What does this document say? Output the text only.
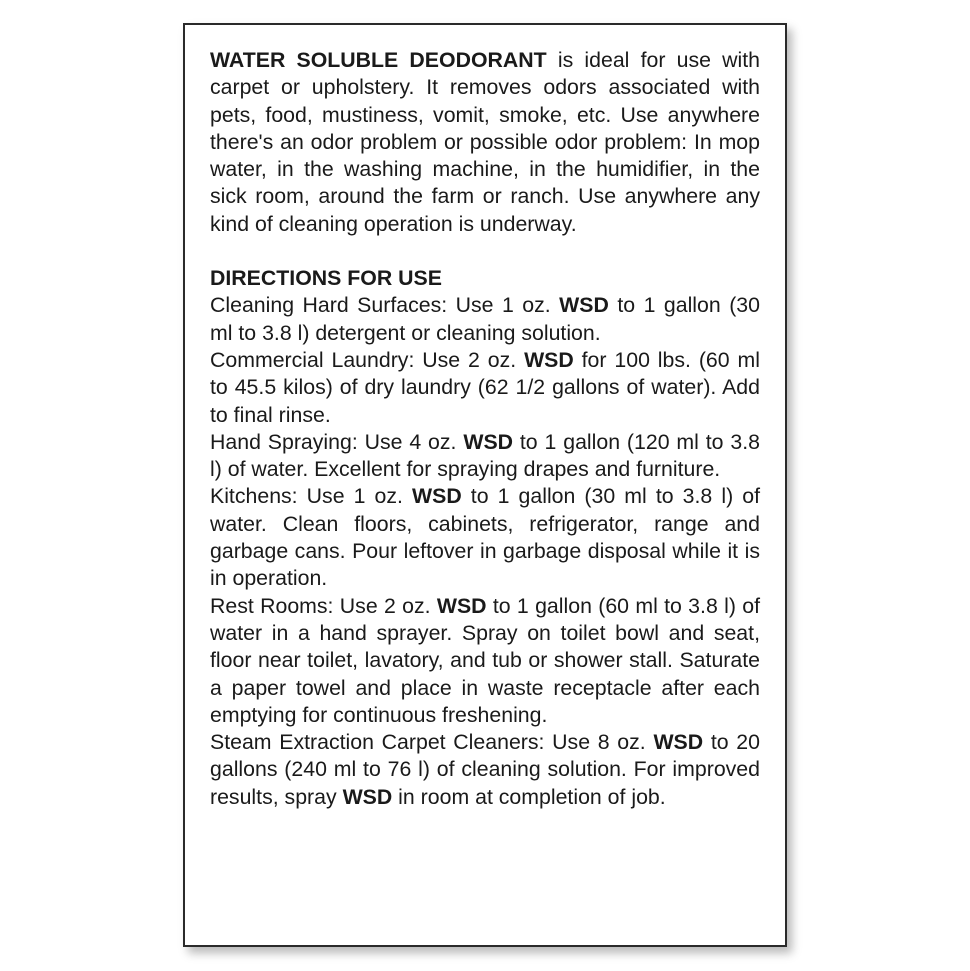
WATER SOLUBLE DEODORANT is ideal for use with carpet or upholstery. It removes odors associated with pets, food, mustiness, vomit, smoke, etc. Use anywhere there's an odor problem or possible odor problem: In mop water, in the washing machine, in the humidifier, in the sick room, around the farm or ranch. Use anywhere any kind of cleaning operation is underway.

DIRECTIONS FOR USE

Cleaning Hard Surfaces: Use 1 oz. WSD to 1 gallon (30 ml to 3.8 l) detergent or cleaning solution.

Commercial Laundry: Use 2 oz. WSD for 100 lbs. (60 ml to 45.5 kilos) of dry laundry (62 1/2 gallons of water). Add to final rinse.

Hand Spraying: Use 4 oz. WSD to 1 gallon (120 ml to 3.8 l) of water. Excellent for spraying drapes and furniture.

Kitchens: Use 1 oz. WSD to 1 gallon (30 ml to 3.8 l) of water. Clean floors, cabinets, refrigerator, range and garbage cans. Pour leftover in garbage disposal while it is in operation.

Rest Rooms: Use 2 oz. WSD to 1 gallon (60 ml to 3.8 l) of water in a hand sprayer. Spray on toilet bowl and seat, floor near toilet, lavatory, and tub or shower stall. Saturate a paper towel and place in waste receptacle after each emptying for continuous freshening.

Steam Extraction Carpet Cleaners: Use 8 oz. WSD to 20 gallons (240 ml to 76 l) of cleaning solution. For improved results, spray WSD in room at completion of job.
